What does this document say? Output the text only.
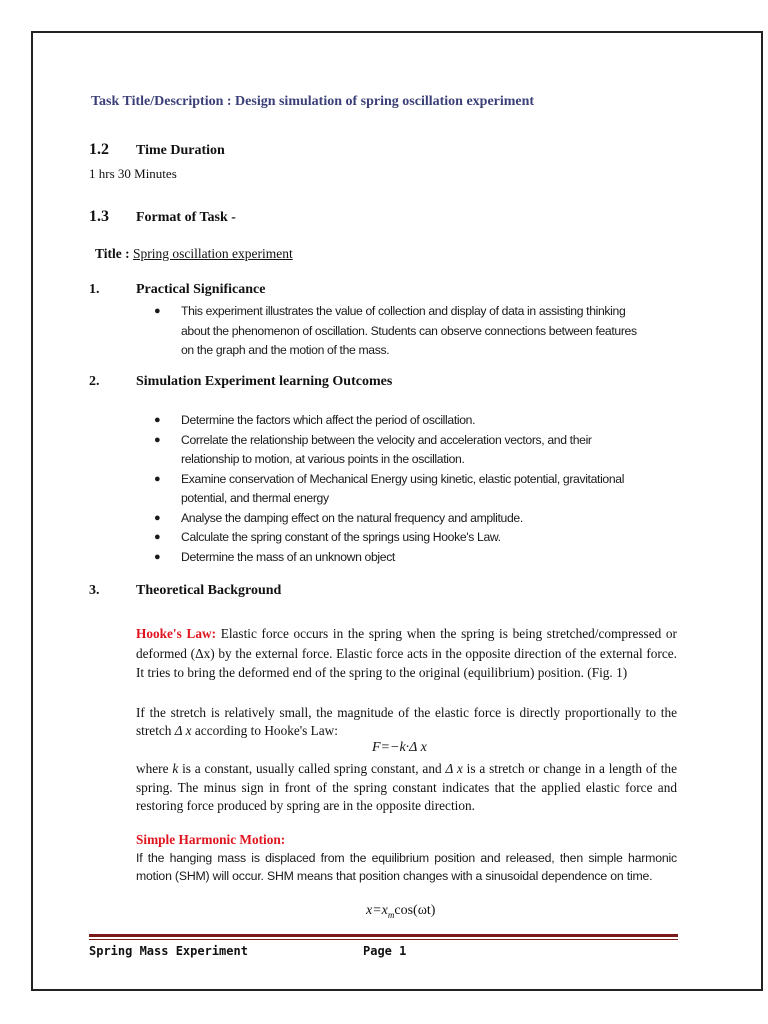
Task Title/Description : Design simulation of spring oscillation experiment
1.2 Time Duration
1 hrs 30 Minutes
1.3 Format of Task -
Title : Spring oscillation experiment
1.	Practical Significance
● This experiment illustrates the value of collection and display of data in assisting thinking
about the phenomenon of oscillation. Students can observe connections between features
on the graph and the motion of the mass.
2.	Simulation Experiment learning Outcomes
● Determine the factors which affect the period of oscillation.
● Correlate the relationship between the velocity and acceleration vectors, and their
relationship to motion, at various points in the oscillation.
● Examine conservation of Mechanical Energy using kinetic, elastic potential, gravitational
potential, and thermal energy
● Analyse the damping effect on the natural frequency and amplitude.
● Calculate the spring constant of the springs using Hooke's Law.
● Determine the mass of an unknown object
3.	Theoretical Background
Hooke's Law: Elastic force occurs in the spring when the spring is being stretched/compressed or deformed (Δx) by the external force. Elastic force acts in the opposite direction of the external force. It tries to bring the deformed end of the spring to the original (equilibrium) position. (Fig. 1)
If the stretch is relatively small, the magnitude of the elastic force is directly proportionally to the stretch Δ x according to Hooke's Law:
F=−k·Δ x
where k is a constant, usually called spring constant, and Δ x is a stretch or change in a length of the spring. The minus sign in front of the spring constant indicates that the applied elastic force and restoring force produced by spring are in the opposite direction.
Simple Harmonic Motion:
If the hanging mass is displaced from the equilibrium position and released, then simple harmonic motion (SHM) will occur. SHM means that position changes with a sinusoidal dependence on time.
$x=x_m\cos(\omega t)$
Spring Mass Experiment	Page 1
